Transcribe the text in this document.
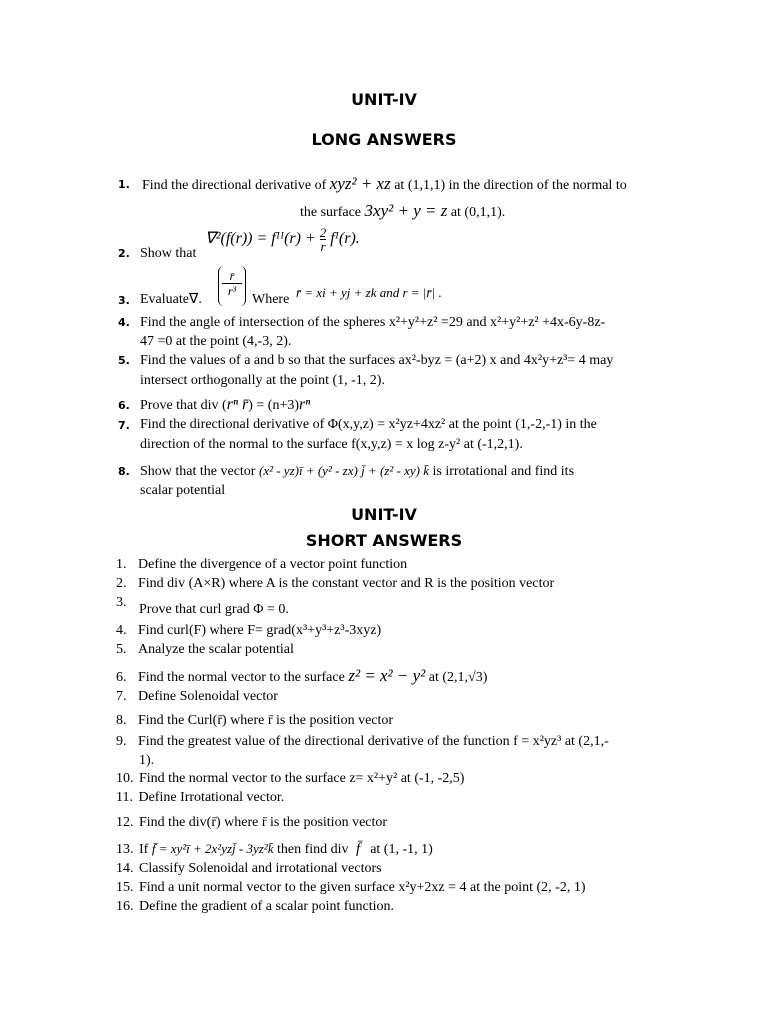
UNIT-IV
LONG ANSWERS
1. Find the directional derivative of xyz² + xz at (1,1,1) in the direction of the normal to
the surface 3xy² + y = z at (0,1,1).
∇²(f(r)) = fᴵᴵ(r) + $\frac{2}{r}$ fᴵ(r).
2. Show that
3. Evaluate∇.
r̄
r³
Where r̄ = xi + yj + zk and r = |r̄| .
4. Find the angle of intersection of the spheres x²+y²+z² =29 and x²+y²+z² +4x-6y-8z-
47 =0 at the point (4,-3, 2).
5. Find the values of a and b so that the surfaces ax²-byz = (a+2) x and 4x²y+z³= 4 may
intersect orthogonally at the point (1, -1, 2).
6. Prove that div (rⁿ r̄) = (n+3)rⁿ
7. Find the directional derivative of Φ(x,y,z) = x²yz+4xz² at the point (1,-2,-1) in the
direction of the normal to the surface f(x,y,z) = x log z-y² at (-1,2,1).
8. Show that the vector (x² - yz)ī + (y² - zx) j̄ + (z² - xy) k̄ is irrotational and find its
scalar potential
UNIT-IV
SHORT ANSWERS
1. Define the divergence of a vector point function
2. Find div (A×R) where A is the constant vector and R is the position vector
3. Prove that curl grad Φ = 0.
4. Find curl(F) where F= grad(x³+y³+z³-3xyz)
5. Analyze the scalar potential
6. Find the normal vector to the surface z² = x² − y² at (2,1,√3)
7. Define Solenoidal vector
8. Find the Curl(r̄) where r̄ is the position vector
9. Find the greatest value of the directional derivative of the function f = x²yz³ at (2,1,-
1).
10. Find the normal vector to the surface z= x²+y² at (-1, -2,5)
11. Define Irrotational vector.
12. Find the div(r̄) where r̄ is the position vector
13. If f̄ = xy²ī + 2x²yzj̄ - 3yz²k̄ then find div f̄ at (1, -1, 1)
14. Classify Solenoidal and irrotational vectors
15. Find a unit normal vector to the given surface x²y+2xz = 4 at the point (2, -2, 1)
16. Define the gradient of a scalar point function.
